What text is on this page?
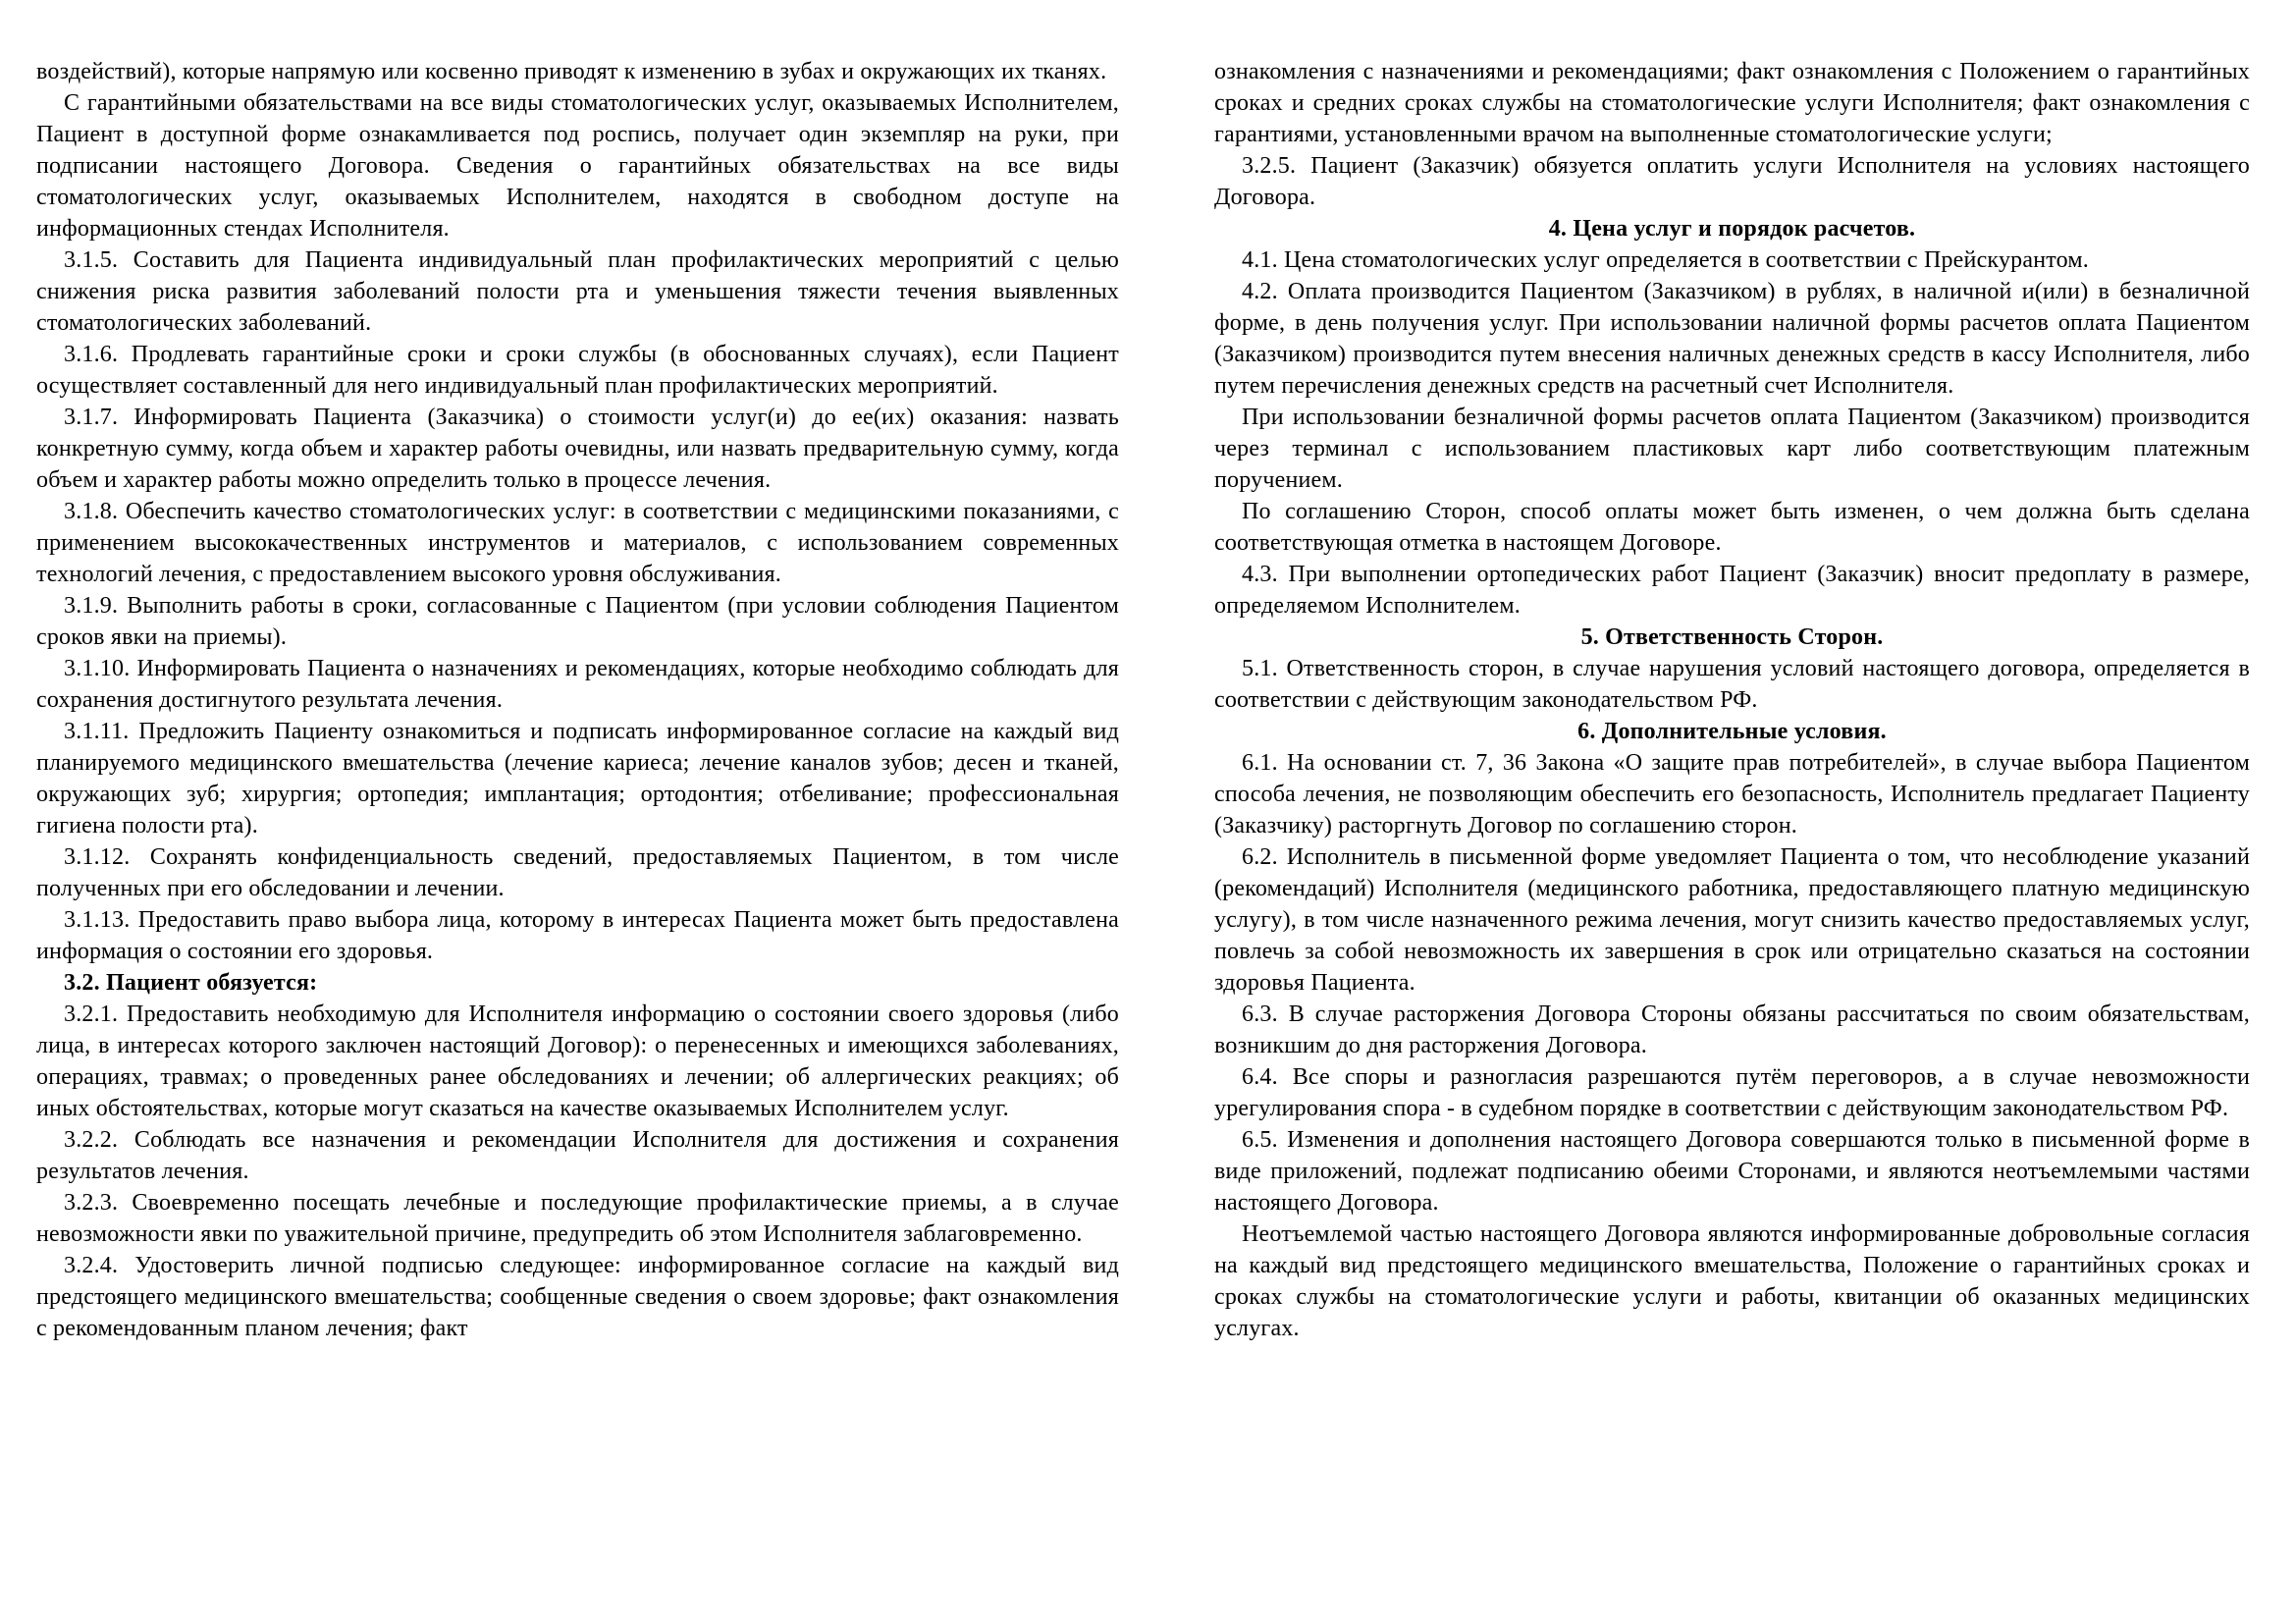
воздействий), которые напрямую или косвенно приводят к изменению в зубах и окружающих их тканях.

С гарантийными обязательствами на все виды стоматологических услуг, оказываемых Исполнителем, Пациент в доступной форме ознакамливается под роспись, получает один экземпляр на руки, при подписании настоящего Договора. Сведения о гарантийных обязательствах на все виды стоматологических услуг, оказываемых Исполнителем, находятся в свободном доступе на информационных стендах Исполнителя.

3.1.5. Составить для Пациента индивидуальный план профилактических мероприятий с целью снижения риска развития заболеваний полости рта и уменьшения тяжести течения выявленных стоматологических заболеваний.

3.1.6. Продлевать гарантийные сроки и сроки службы (в обоснованных случаях), если Пациент осуществляет составленный для него индивидуальный план профилактических мероприятий.

3.1.7. Информировать Пациента (Заказчика) о стоимости услуг(и) до ее(их) оказания: назвать конкретную сумму, когда объем и характер работы очевидны, или назвать предварительную сумму, когда объем и характер работы можно определить только в процессе лечения.

3.1.8. Обеспечить качество стоматологических услуг: в соответствии с медицинскими показаниями, с применением высококачественных инструментов и материалов, с использованием современных технологий лечения, с предоставлением высокого уровня обслуживания.

3.1.9. Выполнить работы в сроки, согласованные с Пациентом (при условии соблюдения Пациентом сроков явки на приемы).

3.1.10. Информировать Пациента о назначениях и рекомендациях, которые необходимо соблюдать для сохранения достигнутого результата лечения.

3.1.11. Предложить Пациенту ознакомиться и подписать информированное согласие на каждый вид планируемого медицинского вмешательства (лечение кариеса; лечение каналов зубов; десен и тканей, окружающих зуб; хирургия; ортопедия; имплантация; ортодонтия; отбеливание; профессиональная гигиена полости рта).

3.1.12. Сохранять конфиденциальность сведений, предоставляемых Пациентом, в том числе полученных при его обследовании и лечении.

3.1.13. Предоставить право выбора лица, которому в интересах Пациента может быть предоставлена информация о состоянии его здоровья.

3.2. Пациент обязуется:

3.2.1. Предоставить необходимую для Исполнителя информацию о состоянии своего здоровья (либо лица, в интересах которого заключен настоящий Договор): о перенесенных и имеющихся заболеваниях, операциях, травмах; о проведенных ранее обследованиях и лечении; об аллергических реакциях; об иных обстоятельствах, которые могут сказаться на качестве оказываемых Исполнителем услуг.

3.2.2. Соблюдать все назначения и рекомендации Исполнителя для достижения и сохранения результатов лечения.

3.2.3. Своевременно посещать лечебные и последующие профилактические приемы, а в случае невозможности явки по уважительной причине, предупредить об этом Исполнителя заблаговременно.

3.2.4. Удостоверить личной подписью следующее: информированное согласие на каждый вид предстоящего медицинского вмешательства; сообщенные сведения о своем здоровье; факт ознакомления с рекомендованным планом лечения; факт

ознакомления с назначениями и рекомендациями; факт ознакомления с Положением о гарантийных сроках и средних сроках службы на стоматологические услуги Исполнителя; факт ознакомления с гарантиями, установленными врачом на выполненные стоматологические услуги;

3.2.5. Пациент (Заказчик) обязуется оплатить услуги Исполнителя на условиях настоящего Договора.

4. Цена услуг и порядок расчетов.

4.1. Цена стоматологических услуг определяется в соответствии с Прейскурантом.

4.2. Оплата производится Пациентом (Заказчиком) в рублях, в наличной и(или) в безналичной форме, в день получения услуг. При использовании наличной формы расчетов оплата Пациентом (Заказчиком) производится путем внесения наличных денежных средств в кассу Исполнителя, либо путем перечисления денежных средств на расчетный счет Исполнителя.

При использовании безналичной формы расчетов оплата Пациентом (Заказчиком) производится через терминал с использованием пластиковых карт либо соответствующим платежным поручением.

По соглашению Сторон, способ оплаты может быть изменен, о чем должна быть сделана соответствующая отметка в настоящем Договоре.

4.3. При выполнении ортопедических работ Пациент (Заказчик) вносит предоплату в размере, определяемом Исполнителем.

5. Ответственность Сторон.

5.1. Ответственность сторон, в случае нарушения условий настоящего договора, определяется в соответствии с действующим законодательством РФ.

6. Дополнительные условия.

6.1. На основании ст. 7, 36 Закона «О защите прав потребителей», в случае выбора Пациентом способа лечения, не позволяющим обеспечить его безопасность, Исполнитель предлагает Пациенту (Заказчику) расторгнуть Договор по соглашению сторон.

6.2. Исполнитель в письменной форме уведомляет Пациента о том, что несоблюдение указаний (рекомендаций) Исполнителя (медицинского работника, предоставляющего платную медицинскую услугу), в том числе назначенного режима лечения, могут снизить качество предоставляемых услуг, повлечь за собой невозможность их завершения в срок или отрицательно сказаться на состоянии здоровья Пациента.

6.3. В случае расторжения Договора Стороны обязаны рассчитаться по своим обязательствам, возникшим до дня расторжения Договора.

6.4. Все споры и разногласия разрешаются путём переговоров, а в случае невозможности урегулирования спора - в судебном порядке в соответствии с действующим законодательством РФ.

6.5. Изменения и дополнения настоящего Договора совершаются только в письменной форме в виде приложений, подлежат подписанию обеими Сторонами, и являются неотъемлемыми частями настоящего Договора.

Неотъемлемой частью настоящего Договора являются информированные добровольные согласия на каждый вид предстоящего медицинского вмешательства, Положение о гарантийных сроках и сроках службы на стоматологические услуги и работы, квитанции об оказанных медицинских услугах.
